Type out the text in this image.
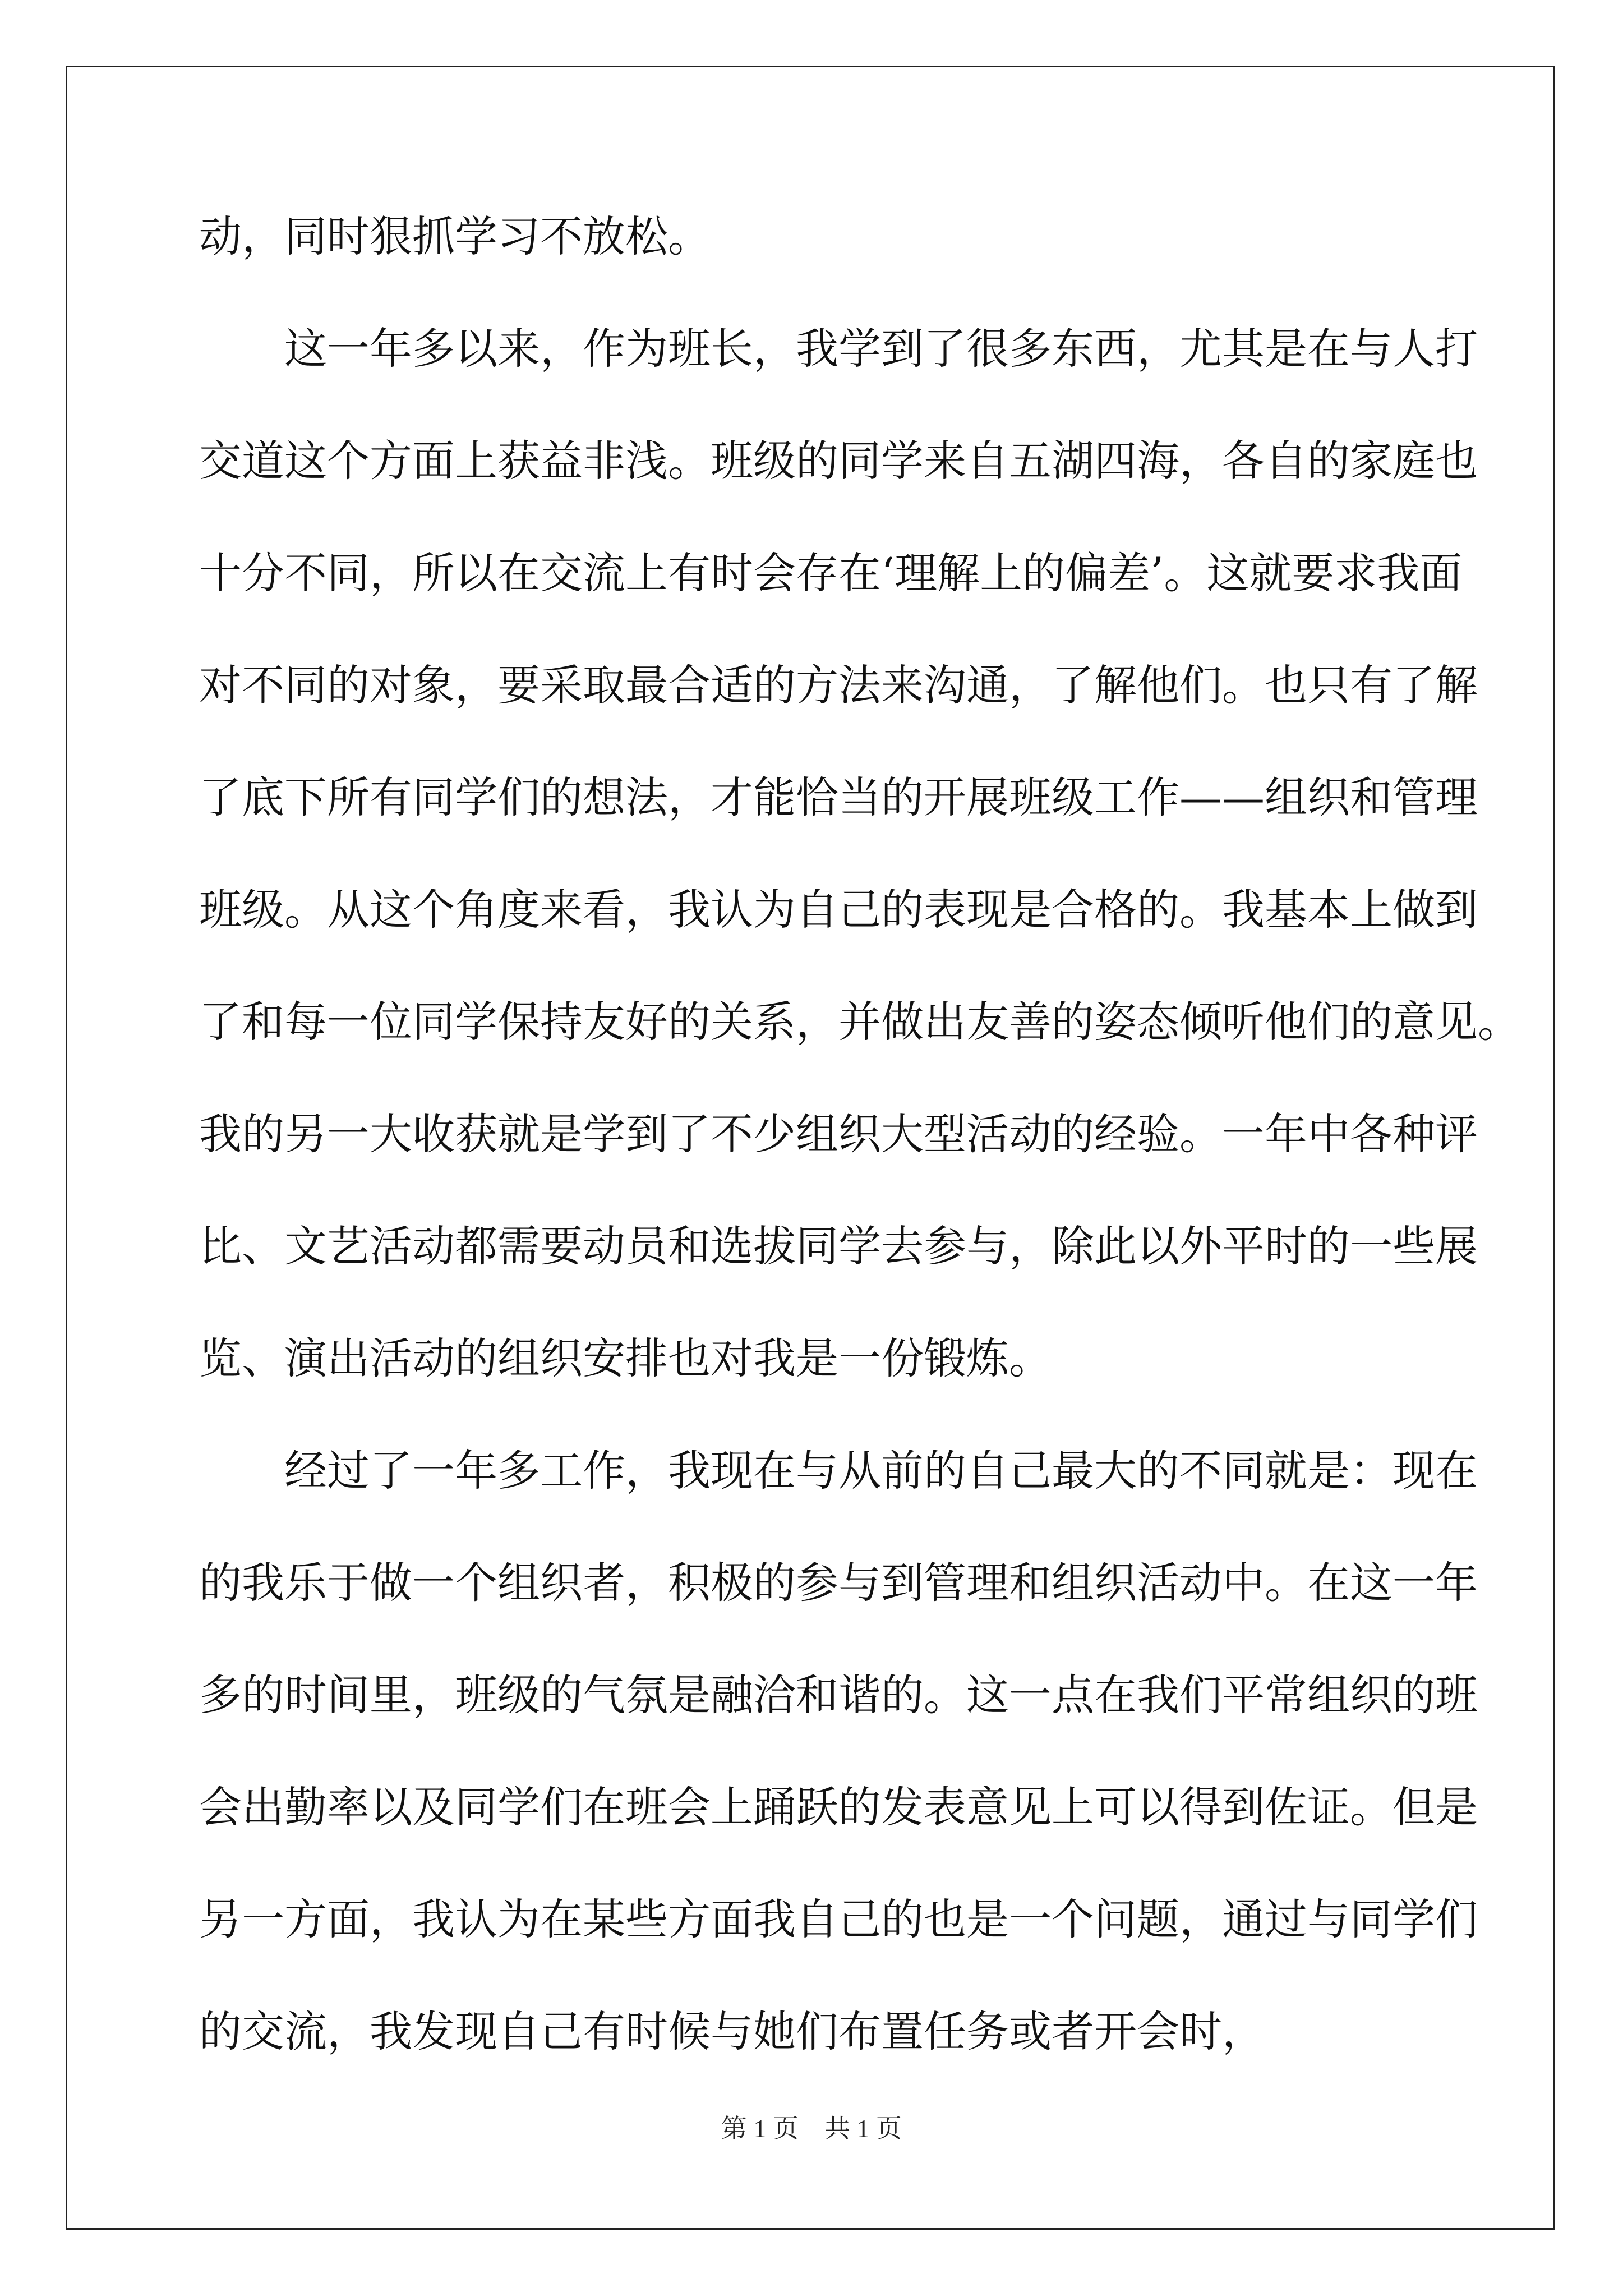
动，同时狠抓学习不放松。
这一年多以来，作为班长，我学到了很多东西，尤其是在与人打
交道这个方面上获益非浅。班级的同学来自五湖四海，各自的家庭也
十分不同，所以在交流上有时会存在‘理解上的偏差’。这就要求我面
对不同的对象，要采取最合适的方法来沟通，了解他们。也只有了解
了底下所有同学们的想法，才能恰当的开展班级工作——组织和管理
班级。从这个角度来看，我认为自己的表现是合格的。我基本上做到
了和每一位同学保持友好的关系，并做出友善的姿态倾听他们的意见。
我的另一大收获就是学到了不少组织大型活动的经验。一年中各种评
比、文艺活动都需要动员和选拔同学去参与，除此以外平时的一些展
览、演出活动的组织安排也对我是一份锻炼。
经过了一年多工作，我现在与从前的自己最大的不同就是：现在
的我乐于做一个组织者，积极的参与到管理和组织活动中。在这一年
多的时间里，班级的气氛是融洽和谐的。这一点在我们平常组织的班
会出勤率以及同学们在班会上踊跃的发表意见上可以得到佐证。但是
另一方面，我认为在某些方面我自己的也是一个问题，通过与同学们
的交流，我发现自己有时候与她们布置任务或者开会时，
第 1 页    共 1 页
